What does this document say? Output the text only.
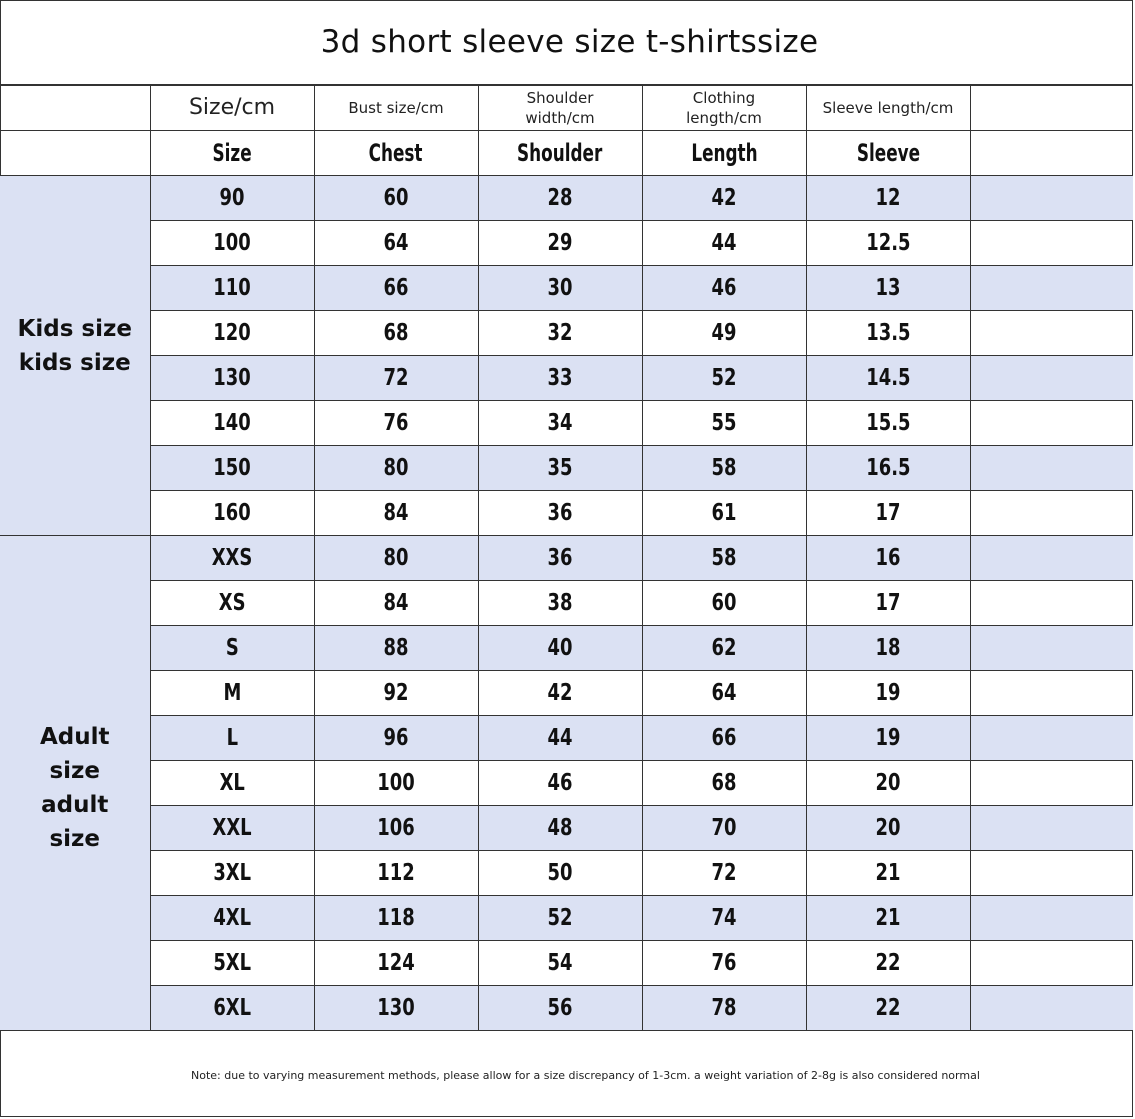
3d short sleeve size t-shirtssize
	Size/cm	Bust size/cm	Shoulder width/cm	Clothing length/cm	Sleeve length/cm	
	Size	Chest	Shoulder	Length	Sleeve	

Kids size
kids size	90	60	28	42	12	
	100	64	29	44	12.5	
	110	66	30	46	13	
	120	68	32	49	13.5	
	130	72	33	52	14.5	
	140	76	34	55	15.5	
	150	80	35	58	16.5	
	160	84	36	61	17	

Adult size
adult size	XXS	80	36	58	16	
	XS	84	38	60	17	
	S	88	40	62	18	
	M	92	42	64	19	
	L	96	44	66	19	
	XL	100	46	68	20	
	XXL	106	48	70	20	
	3XL	112	50	72	21	
	4XL	118	52	74	21	
	5XL	124	54	76	22	
	6XL	130	56	78	22	
Note: due to varying measurement methods, please allow for a size discrepancy of 1-3cm. a weight variation of 2-8g is also considered normal
